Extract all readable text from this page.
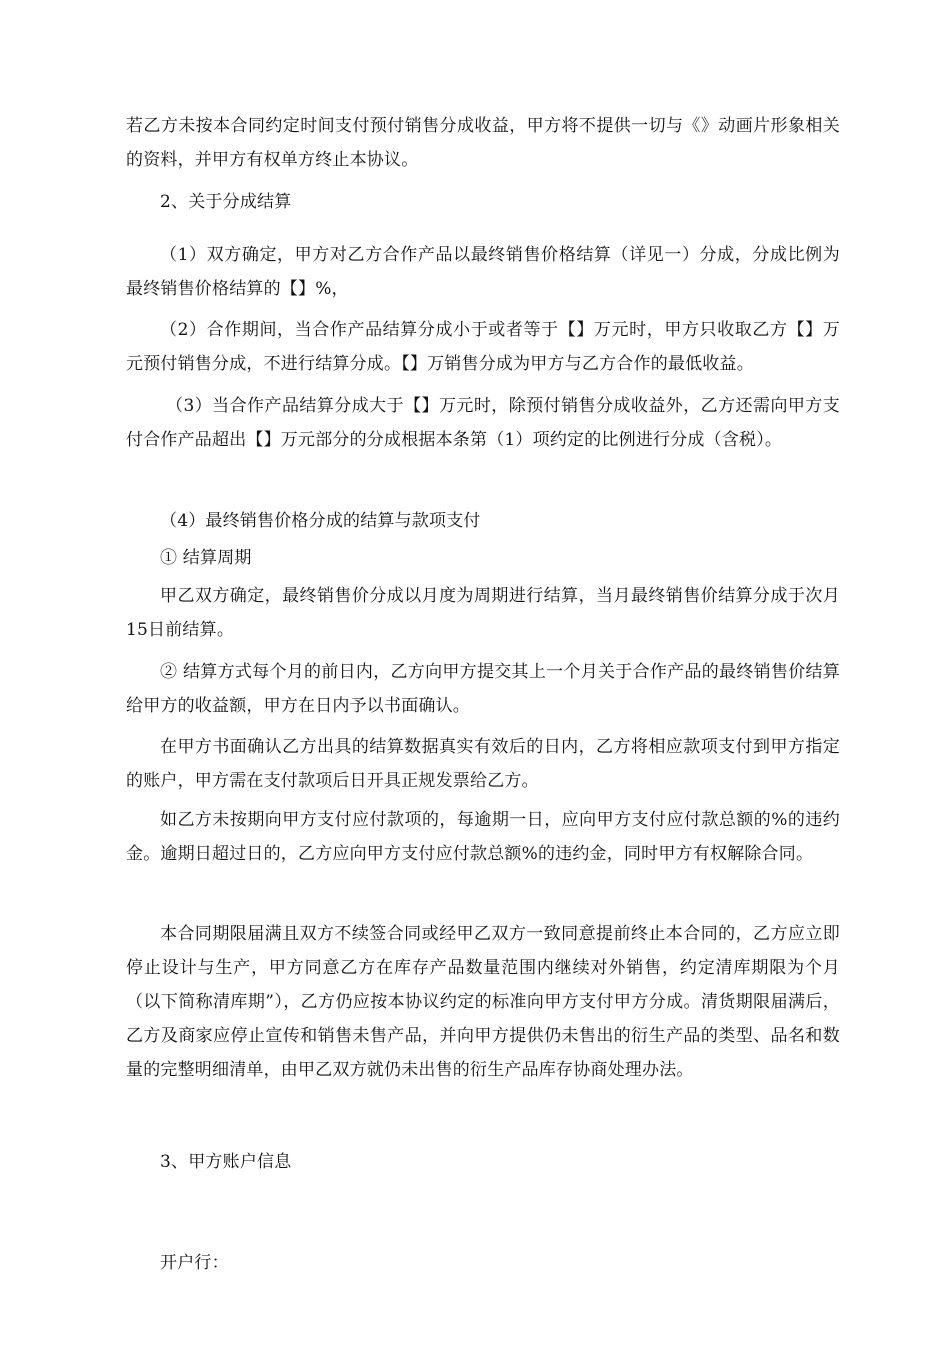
若乙方未按本合同约定时间支付预付销售分成收益，甲方将不提供一切与《》动画片形象相关的资料，并甲方有权单方终止本协议。

2、关于分成结算

（1）双方确定，甲方对乙方合作产品以最终销售价格结算（详见一）分成，分成比例为最终销售价格结算的【】%，

（2）合作期间，当合作产品结算分成小于或者等于【】万元时，甲方只收取乙方【】万元预付销售分成，不进行结算分成。【】万销售分成为甲方与乙方合作的最低收益。

（3）当合作产品结算分成大于【】万元时，除预付销售分成收益外，乙方还需向甲方支付合作产品超出【】万元部分的分成根据本条第（1）项约定的比例进行分成（含税）。

（4）最终销售价格分成的结算与款项支付

① 结算周期

甲乙双方确定，最终销售价分成以月度为周期进行结算，当月最终销售价结算分成于次月15日前结算。

② 结算方式每个月的前日内，乙方向甲方提交其上一个月关于合作产品的最终销售价结算给甲方的收益额，甲方在日内予以书面确认。

在甲方书面确认乙方出具的结算数据真实有效后的日内，乙方将相应款项支付到甲方指定的账户，甲方需在支付款项后日开具正规发票给乙方。

如乙方未按期向甲方支付应付款项的，每逾期一日，应向甲方支付应付款总额的%的违约金。逾期日超过日的，乙方应向甲方支付应付款总额%的违约金，同时甲方有权解除合同。

本合同期限届满且双方不续签合同或经甲乙双方一致同意提前终止本合同的，乙方应立即停止设计与生产，甲方同意乙方在库存产品数量范围内继续对外销售，约定清库期限为个月（以下简称清库期”），乙方仍应按本协议约定的标准向甲方支付甲方分成。清货期限届满后，乙方及商家应停止宣传和销售未售产品，并向甲方提供仍未售出的衍生产品的类型、品名和数量的完整明细清单，由甲乙双方就仍未出售的衍生产品库存协商处理办法。

3、甲方账户信息

开户行：
